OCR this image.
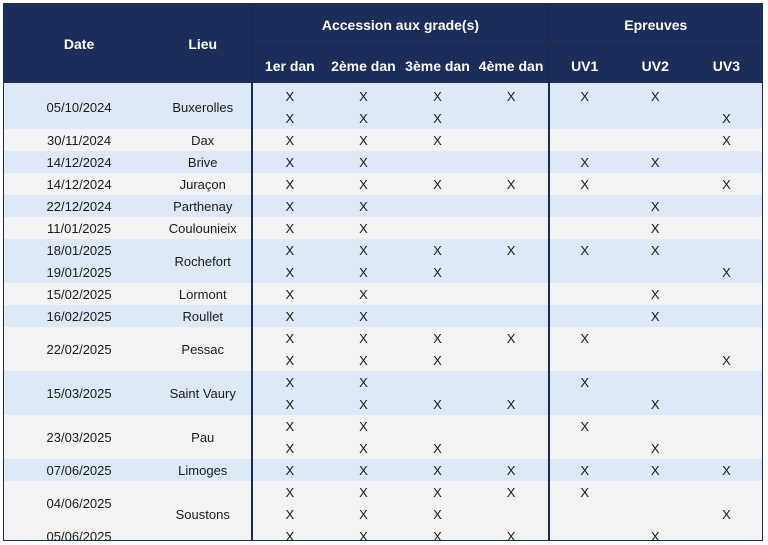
Date	Lieu	Accession aux grade(s)				Epreuves		
		1er dan	2ème dan	3ème dan	4ème dan	UV1	UV2	UV3
05/10/2024	Buxerolles	X	X	X	X	X	X	
		X	X	X				X
30/11/2024	Dax	X	X	X				X
14/12/2024	Brive	X	X			X	X	
14/12/2024	Juraçon	X	X	X	X	X		X
22/12/2024	Parthenay	X	X				X	
11/01/2025	Coulounieix	X	X				X	
18/01/2025	Rochefort	X	X	X	X	X	X	
19/01/2025		X	X	X				X
15/02/2025	Lormont	X	X				X	
16/02/2025	Roullet	X	X				X	
22/02/2025	Pessac	X	X	X	X	X		
		X	X	X				X
15/03/2025	Saint Vaury	X	X			X		
		X	X	X	X		X	
23/03/2025	Pau	X	X			X		
		X	X	X			X	
07/06/2025	Limoges	X	X	X	X	X	X	X
04/06/2025	Soustons	X	X	X	X	X		
		X	X	X				X
05/06/2025		X	X	X	X		X	
